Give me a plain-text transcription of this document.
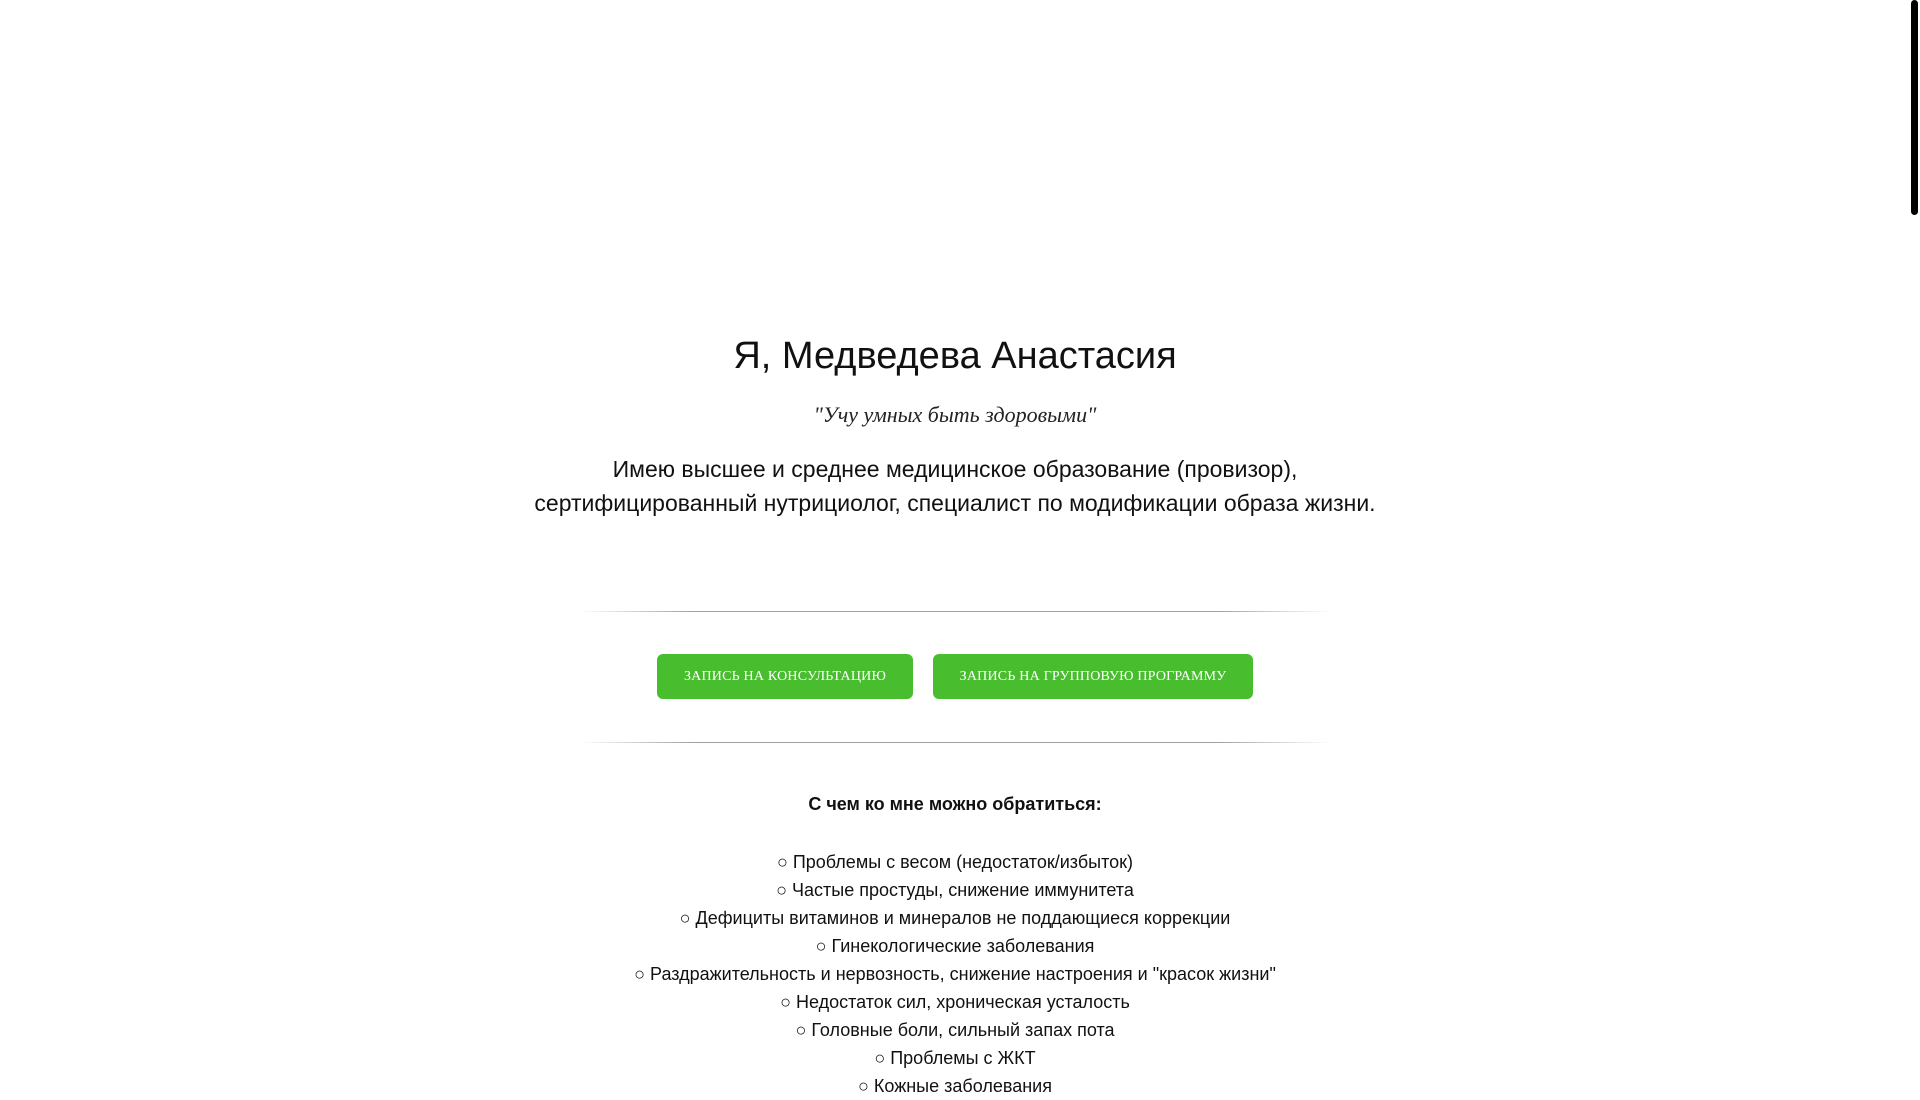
Я, Медведева Анастасия

"Учу умных быть здоровыми"

Имею высшее и среднее медицинское образование (провизор), сертифицированный нутрициолог, специалист по модификации образа жизни.

ЗАПИСЬ НА КОНСУЛЬТАЦИЮ	ЗАПИСЬ НА ГРУППОВУЮ ПРОГРАММУ
С чем ко мне можно обратиться:
○ Проблемы с весом (недостаток/избыток)
○ Частые простуды, снижение иммунитета
○ Дефициты витаминов и минералов не поддающиеся коррекции
○ Гинекологические заболевания
○ Раздражительность и нервозность, снижение настроения и "красок жизни"
○ Недостаток сил, хроническая усталость
○ Головные боли, сильный запах пота
○ Проблемы с ЖКТ
○ Кожные заболевания
